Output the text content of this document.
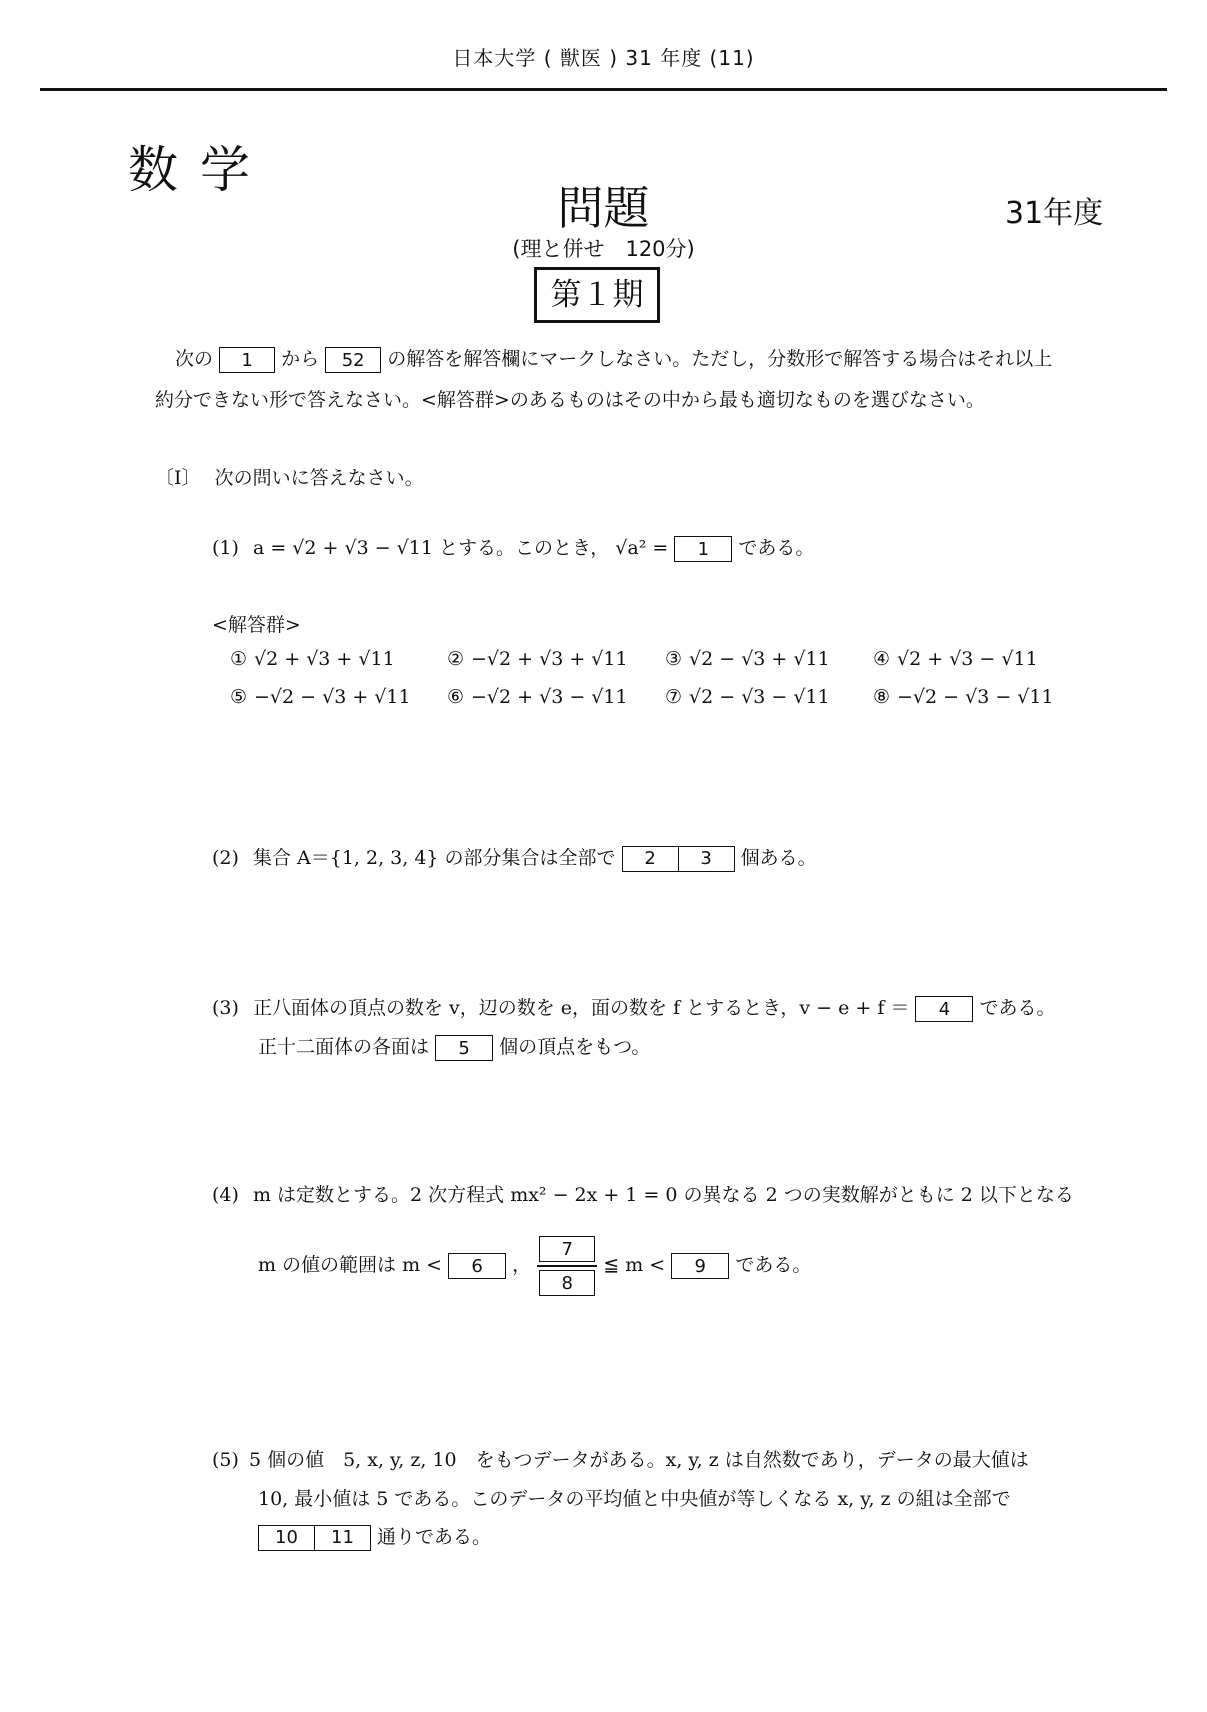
日本大学 ( 獣医 ) 31 年度 (11)
数学
問題	31年度
(理と併せ　120分)
第１期
次の 1 から 52 の解答を解答欄にマークしなさい。ただし，分数形で解答する場合はそれ以上
約分できない形で答えなさい。<解答群>のあるものはその中から最も適切なものを選びなさい。
〔Ⅰ〕 次の問いに答えなさい。
(1) a = √2 + √3 − √11 とする。このとき， √a² = 1 である。
<解答群>
① √2 + √3 + √11	② −√2 + √3 + √11 ③ √2 − √3 + √11 ④ √2 + √3 − √11
⑤ −√2 − √3 + √11 ⑥ −√2 + √3 − √11 ⑦ √2 − √3 − √11 ⑧ −√2 − √3 − √11
(2) 集合 A＝{1, 2, 3, 4} の部分集合は全部で	2	3	個ある。
(3) 正八面体の頂点の数を v，辺の数を e，面の数を f とするとき，v − e + f ＝ 4 である。
正十二面体の各面は 5 個の頂点をもつ。
(4) m は定数とする。2 次方程式 mx² − 2x + 1 = 0 の異なる 2 つの実数解がともに 2 以下となる
m の値の範囲は m < 6 ， $\frac{7}{8}$ ≦ m < 9 である。
(5) 5 個の値　5, x, y, z, 10　をもつデータがある。x, y, z は自然数であり，データの最大値は
10, 最小値は 5 である。このデータの平均値と中央値が等しくなる x, y, z の組は全部で
10	11	通りである。
